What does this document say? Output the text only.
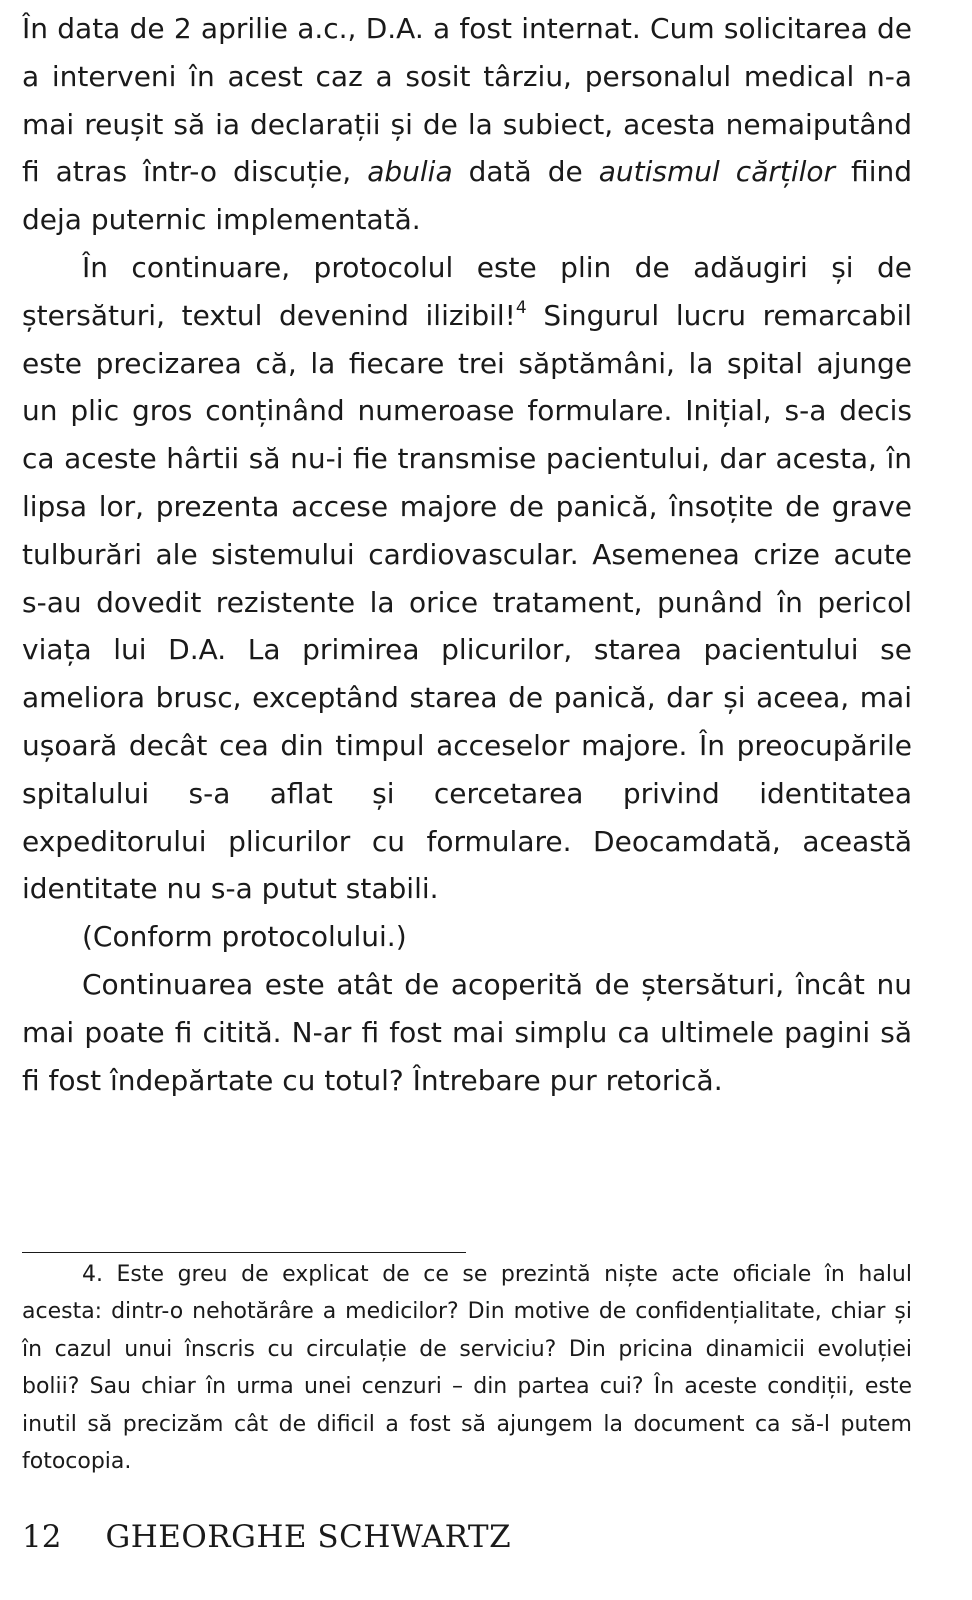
În data de 2 aprilie a.c., D.A. a fost internat. Cum solicitarea de a interveni în acest caz a sosit târziu, personalul medical n-a mai reușit să ia declarații și de la subiect, acesta nemaiputând fi atras într-o discuție, abulia dată de autismul cărților fiind deja puternic implementată.

În continuare, protocolul este plin de adăugiri și de ștersături, textul devenind ilizibil!$^4$ Singurul lucru remarcabil este precizarea că, la fiecare trei săptămâni, la spital ajunge un plic gros conținând numeroase formulare. Inițial, s-a decis ca aceste hârtii să nu-i fie transmise pacientului, dar acesta, în lipsa lor, prezenta accese majore de panică, însoțite de grave tulburări ale sistemului cardiovascular. Asemenea crize acute s-au dovedit rezistente la orice tratament, punând în pericol viața lui D.A. La primirea plicurilor, starea pacientului se ameliora brusc, exceptând starea de panică, dar și aceea, mai ușoară decât cea din timpul acceselor majore. În preocupările spitalului s-a aflat și cercetarea privind identitatea expeditorului plicurilor cu formulare. Deocamdată, această identitate nu s-a putut stabili.

(Conform protocolului.)

Continuarea este atât de acoperită de ștersături, încât nu mai poate fi citită. N-ar fi fost mai simplu ca ultimele pagini să fi fost îndepărtate cu totul? Întrebare pur retorică.

4. Este greu de explicat de ce se prezintă niște acte oficiale în halul acesta: dintr-o nehotărâre a medicilor? Din motive de confidențialitate, chiar și în cazul unui înscris cu circulație de serviciu? Din pricina dinamicii evoluției bolii? Sau chiar în urma unei cenzuri – din partea cui? În aceste condiții, este inutil să precizăm cât de dificil a fost să ajungem la document ca să-l putem fotocopia.

12 GHEORGHE SCHWARTZ
